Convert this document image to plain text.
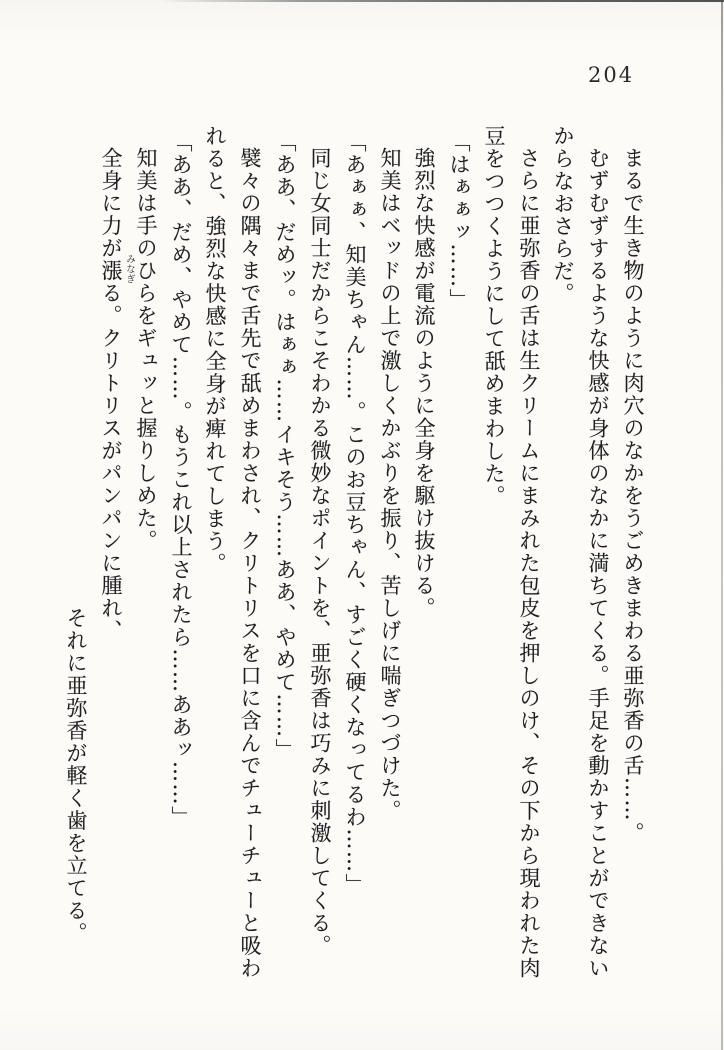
204
まるで生き物のように肉穴のなかをうごめきまわる亜弥香の舌……。
むずむずするような快感が身体のなかに満ちてくる。手足を動かすことができない
からなおさらだ。
さらに亜弥香の舌は生クリームにまみれた包皮を押しのけ、その下から現われた肉
豆をつつくようにして舐めまわした。
「はぁぁッ……」
強烈な快感が電流のように全身を駆け抜ける。
知美はベッドの上で激しくかぶりを振り、苦しげに喘ぎつづけた。
「あぁぁ、知美ちゃん……。このお豆ちゃん、すごく硬くなってるわ……」
同じ女同士だからこそわかる微妙なポイントを、亜弥香は巧みに刺激してくる。
「ああ、だめッ。はぁぁ……イキそう……ああ、やめて……」
襞々の隅々まで舌先で舐めまわされ、クリトリスを口に含んでチューチューと吸わ
れると、強烈な快感に全身が痺れてしまう。
「ああ、だめ、やめて……。もうこれ以上されたら……ああッ……」
知美は手のひらをギュッと握りしめた。
全身に力が漲る。クリトリスがパンパンに腫れ、
それに亜弥香が軽く歯を立てる。
みなぎ
